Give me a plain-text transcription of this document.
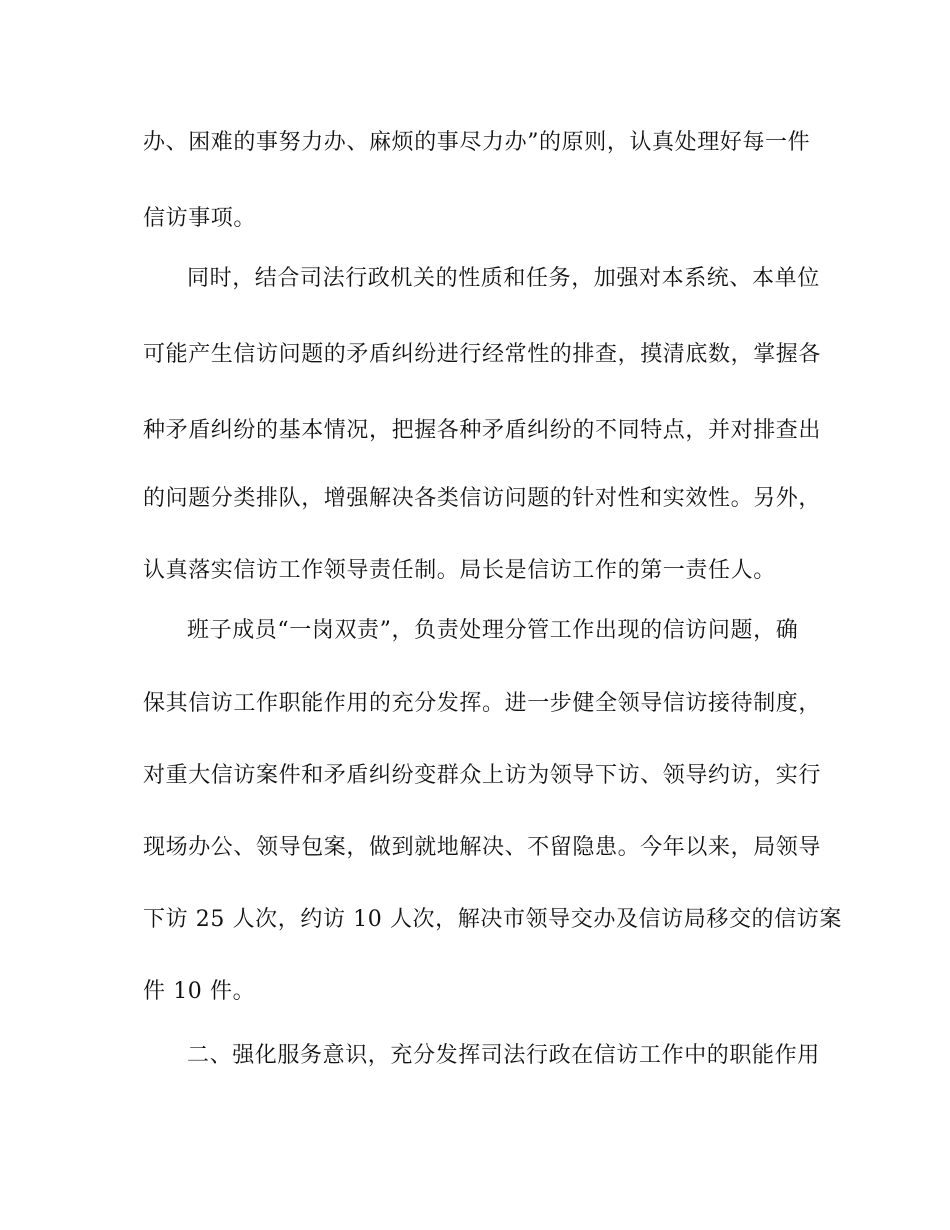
办、困难的事努力办、麻烦的事尽力办”的原则，认真处理好每一件
信访事项。
同时，结合司法行政机关的性质和任务，加强对本系统、本单位
可能产生信访问题的矛盾纠纷进行经常性的排查，摸清底数，掌握各
种矛盾纠纷的基本情况，把握各种矛盾纠纷的不同特点，并对排查出
的问题分类排队，增强解决各类信访问题的针对性和实效性。另外，
认真落实信访工作领导责任制。局长是信访工作的第一责任人。
班子成员“一岗双责”，负责处理分管工作出现的信访问题，确
保其信访工作职能作用的充分发挥。进一步健全领导信访接待制度，
对重大信访案件和矛盾纠纷变群众上访为领导下访、领导约访，实行
现场办公、领导包案，做到就地解决、不留隐患。今年以来，局领导
下访 25 人次，约访 10 人次，解决市领导交办及信访局移交的信访案
件 10 件。
二、强化服务意识，充分发挥司法行政在信访工作中的职能作用
